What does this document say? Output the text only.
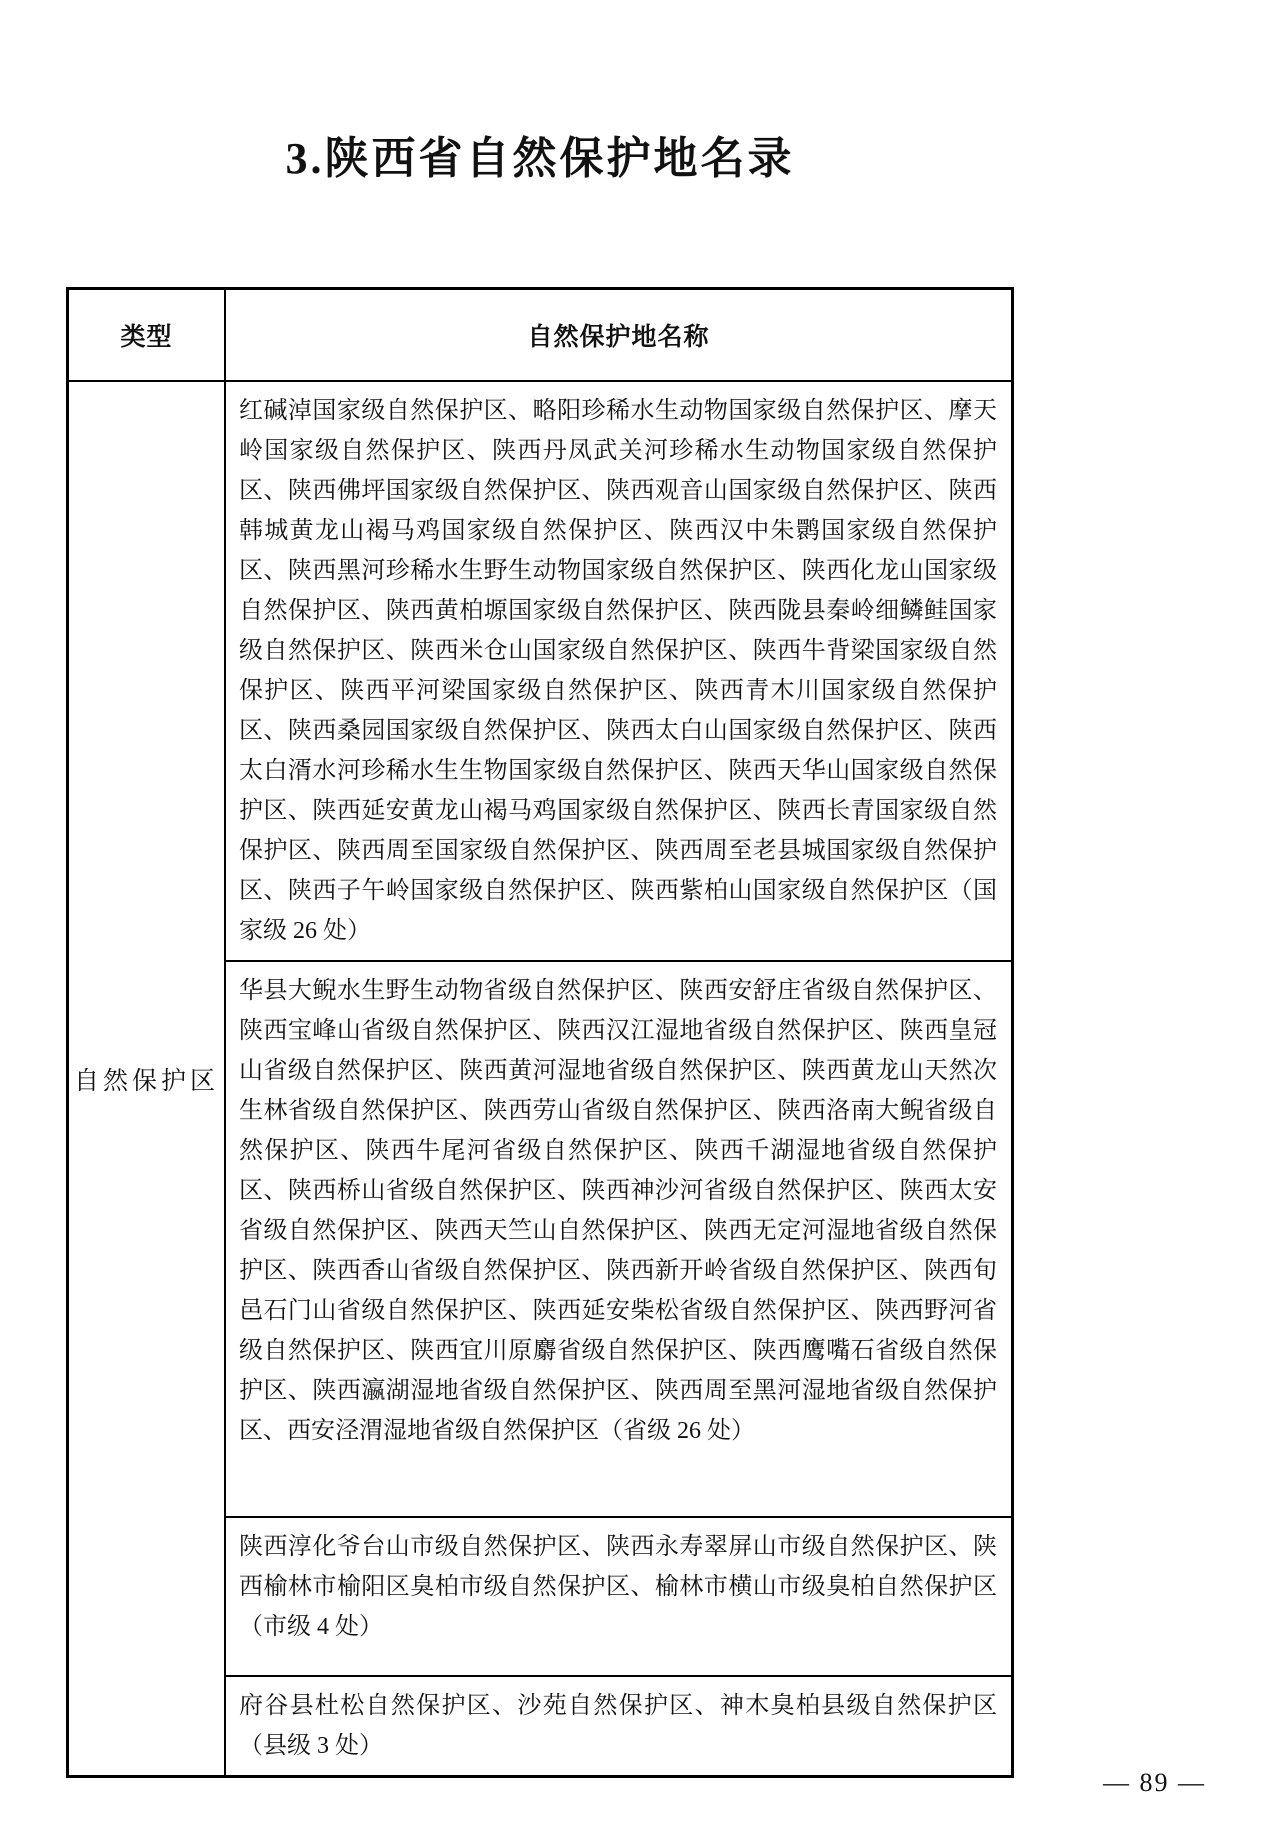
3.陕西省自然保护地名录
类型	自然保护地名称
自然保护区	红碱淖国家级自然保护区、略阳珍稀水生动物国家级自然保护区、摩天岭国家级自然保护区、陕西丹凤武关河珍稀水生动物国家级自然保护区、陕西佛坪国家级自然保护区、陕西观音山国家级自然保护区、陕西韩城黄龙山褐马鸡国家级自然保护区、陕西汉中朱鹮国家级自然保护区、陕西黑河珍稀水生野生动物国家级自然保护区、陕西化龙山国家级自然保护区、陕西黄柏塬国家级自然保护区、陕西陇县秦岭细鳞鲑国家级自然保护区、陕西米仓山国家级自然保护区、陕西牛背梁国家级自然保护区、陕西平河梁国家级自然保护区、陕西青木川国家级自然保护区、陕西桑园国家级自然保护区、陕西太白山国家级自然保护区、陕西太白湑水河珍稀水生生物国家级自然保护区、陕西天华山国家级自然保护区、陕西延安黄龙山褐马鸡国家级自然保护区、陕西长青国家级自然保护区、陕西周至国家级自然保护区、陕西周至老县城国家级自然保护区、陕西子午岭国家级自然保护区、陕西紫柏山国家级自然保护区（国家级 26 处）
	华县大鲵水生野生动物省级自然保护区、陕西安舒庄省级自然保护区、陕西宝峰山省级自然保护区、陕西汉江湿地省级自然保护区、陕西皇冠山省级自然保护区、陕西黄河湿地省级自然保护区、陕西黄龙山天然次生林省级自然保护区、陕西劳山省级自然保护区、陕西洛南大鲵省级自然保护区、陕西牛尾河省级自然保护区、陕西千湖湿地省级自然保护区、陕西桥山省级自然保护区、陕西神沙河省级自然保护区、陕西太安省级自然保护区、陕西天竺山自然保护区、陕西无定河湿地省级自然保护区、陕西香山省级自然保护区、陕西新开岭省级自然保护区、陕西旬邑石门山省级自然保护区、陕西延安柴松省级自然保护区、陕西野河省级自然保护区、陕西宜川原麝省级自然保护区、陕西鹰嘴石省级自然保护区、陕西瀛湖湿地省级自然保护区、陕西周至黑河湿地省级自然保护区、西安泾渭湿地省级自然保护区（省级 26 处）
	陕西淳化爷台山市级自然保护区、陕西永寿翠屏山市级自然保护区、陕西榆林市榆阳区臭柏市级自然保护区、榆林市横山市级臭柏自然保护区（市级 4 处）
	府谷县杜松自然保护区、沙苑自然保护区、神木臭柏县级自然保护区（县级 3 处）
— 89 —
